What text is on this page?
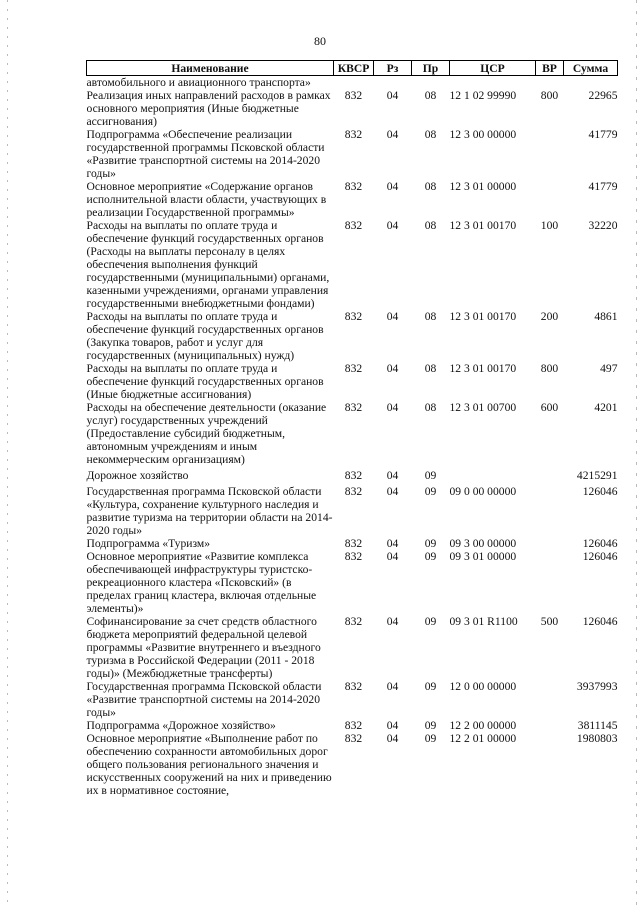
80
Наименование	КВСР	Рз	Пр	ЦСР	ВР	Сумма
автомобильного и авиационного транспорта»						
Реализация иных направлений расходов в рамках основного мероприятия (Иные бюджетные ассигнования)	832	04	08	12 1 02 99990	800	22965
Подпрограмма «Обеспечение реализации государственной программы Псковской области «Развитие транспортной системы на 2014-2020 годы»	832	04	08	12 3 00 00000		41779
Основное мероприятие «Содержание органов исполнительной власти области, участвующих в реализации Государственной программы»	832	04	08	12 3 01 00000		41779
Расходы на выплаты по оплате труда и обеспечение функций государственных органов (Расходы на выплаты персоналу в целях обеспечения выполнения функций государственными (муниципальными) органами, казенными учреждениями, органами управления государственными внебюджетными фондами)	832	04	08	12 3 01 00170	100	32220
Расходы на выплаты по оплате труда и обеспечение функций государственных органов (Закупка товаров, работ и услуг для государственных (муниципальных) нужд)	832	04	08	12 3 01 00170	200	4861
Расходы на выплаты по оплате труда и обеспечение функций государственных органов (Иные бюджетные ассигнования)	832	04	08	12 3 01 00170	800	497
Расходы на обеспечение деятельности (оказание услуг) государственных учреждений (Предоставление субсидий бюджетным, автономным учреждениям и иным некоммерческим организациям)	832	04	08	12 3 01 00700	600	4201
Дорожное хозяйство	832	04	09			4215291
Государственная программа Псковской области «Культура, сохранение культурного наследия и развитие туризма на территории области на 2014-2020 годы»	832	04	09	09 0 00 00000		126046
Подпрограмма «Туризм»	832	04	09	09 3 00 00000		126046
Основное мероприятие «Развитие комплекса обеспечивающей инфраструктуры туристско-рекреационного кластера «Псковский» (в пределах границ кластера, включая отдельные элементы)»	832	04	09	09 3 01 00000		126046
Софинансирование за счет средств областного бюджета мероприятий федеральной целевой программы «Развитие внутреннего и въездного туризма в Российской Федерации (2011 - 2018 годы)» (Межбюджетные трансферты)	832	04	09	09 3 01 R1100	500	126046
Государственная программа Псковской области «Развитие транспортной системы на 2014-2020 годы»	832	04	09	12 0 00 00000		3937993
Подпрограмма «Дорожное хозяйство»	832	04	09	12 2 00 00000		3811145
Основное мероприятие «Выполнение работ по обеспечению сохранности автомобильных дорог общего пользования регионального значения и искусственных сооружений на них и приведению их в нормативное состояние,	832	04	09	12 2 01 00000		1980803
